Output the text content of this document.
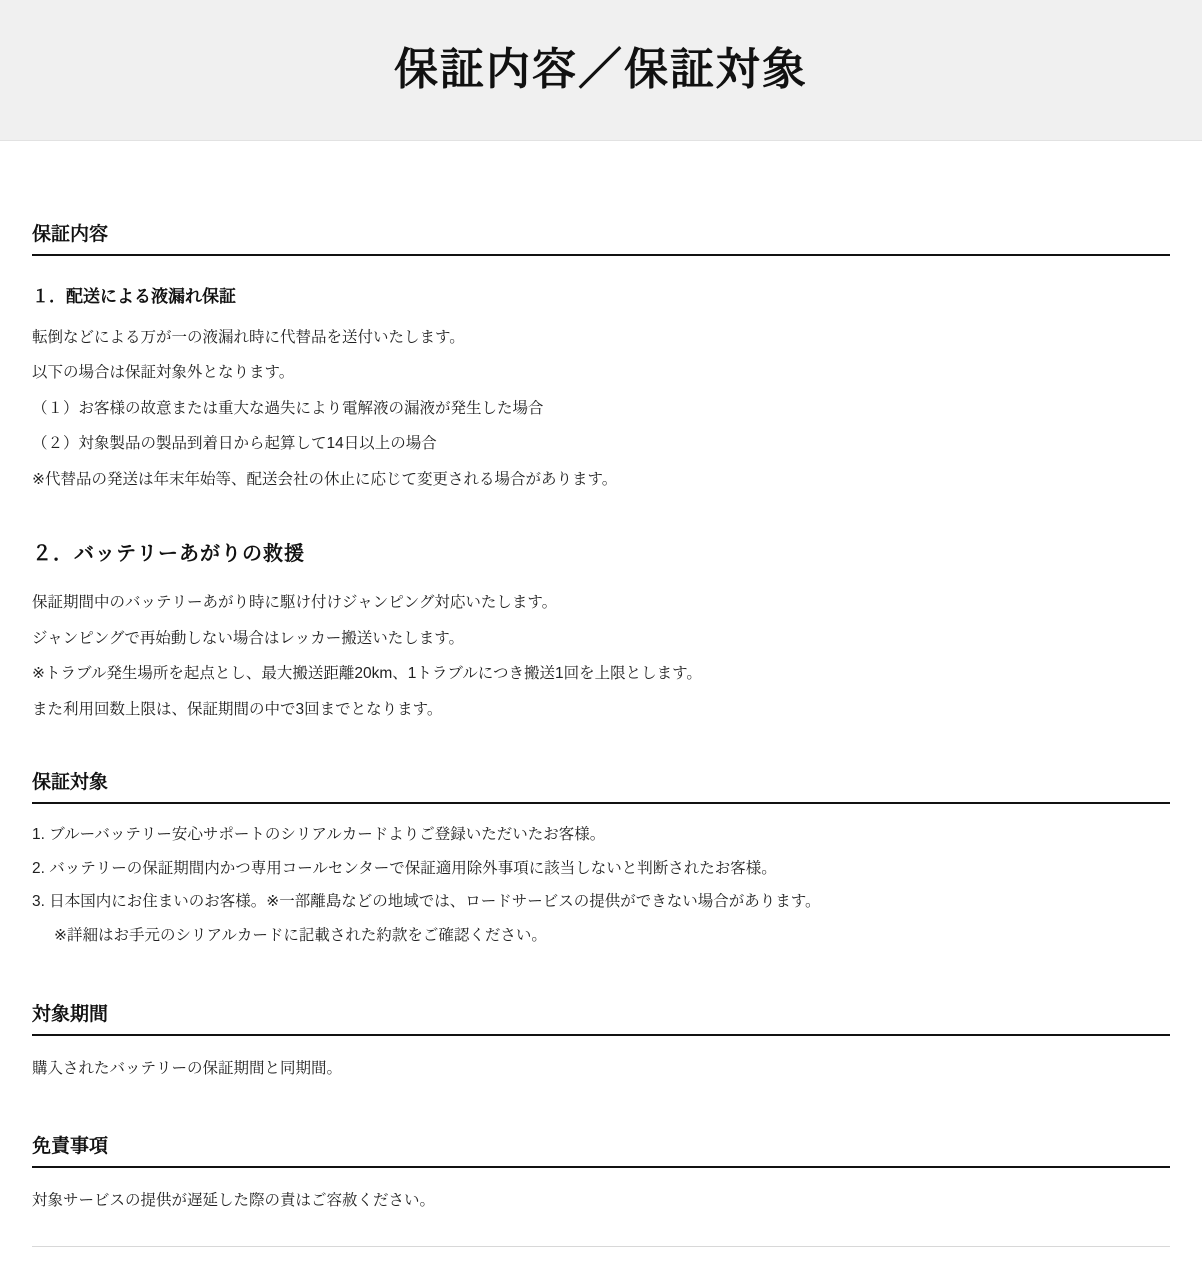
保証内容／保証対象
保証内容
１．配送による液漏れ保証
転倒などによる万が一の液漏れ時に代替品を送付いたします。
以下の場合は保証対象外となります。
（１）お客様の故意または重大な過失により電解液の漏液が発生した場合
（２）対象製品の製品到着日から起算して14日以上の場合
※代替品の発送は年末年始等、配送会社の休止に応じて変更される場合があります。
２．バッテリーあがりの救援
保証期間中のバッテリーあがり時に駆け付けジャンピング対応いたします。
ジャンピングで再始動しない場合はレッカー搬送いたします。
※トラブル発生場所を起点とし、最大搬送距離20km、1トラブルにつき搬送1回を上限とします。
また利用回数上限は、保証期間の中で3回までとなります。
保証対象
1. ブルーバッテリー安心サポートのシリアルカードよりご登録いただいたお客様。
2. バッテリーの保証期間内かつ専用コールセンターで保証適用除外事項に該当しないと判断されたお客様。
3. 日本国内にお住まいのお客様。※一部離島などの地域では、ロードサービスの提供ができない場合があります。
※詳細はお手元のシリアルカードに記載された約款をご確認ください。
対象期間

購入されたバッテリーの保証期間と同期間。

免責事項

対象サービスの提供が遅延した際の責はご容赦ください。
